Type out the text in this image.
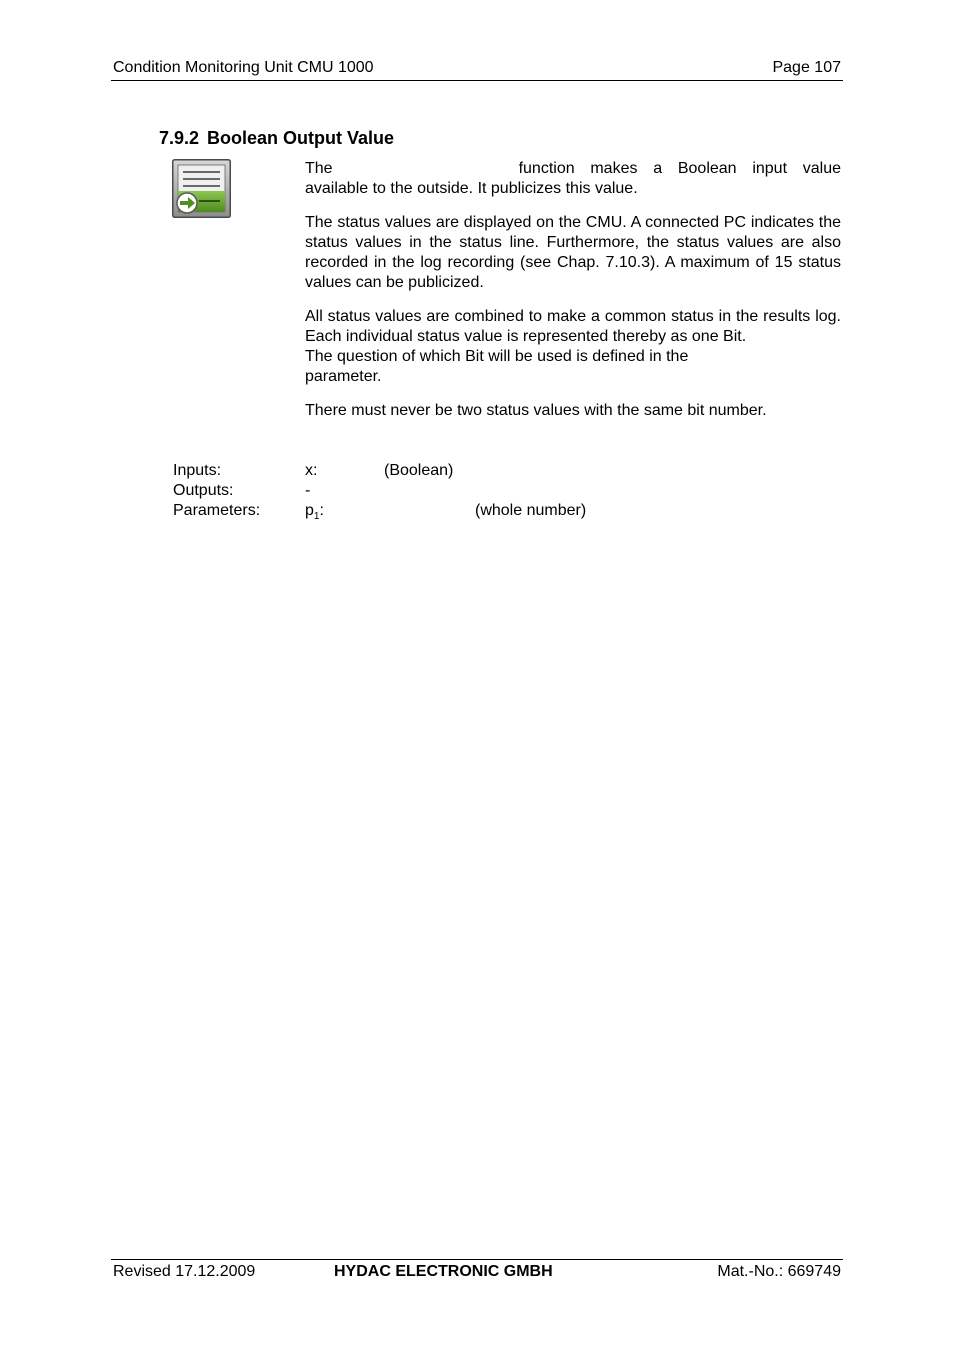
Condition Monitoring Unit CMU 1000	Page 107
7.9.2 Boolean Output Value

The	function makes a Boolean input value available to the outside. It publicizes this value.

The status values are displayed on the CMU. A connected PC indicates the status values in the status line. Furthermore, the status values are also recorded in the log recording (see Chap. 7.10.3). A maximum of 15 status values can be publicized.

All status values are combined to make a common status in the results log. Each individual status value is represented thereby as one Bit.
The question of which Bit will be used is defined in the
parameter.

There must never be two status values with the same bit number.

Inputs:	x:	(Boolean)
Outputs:	-
Parameters:	$p_1$:	(whole number)
Revised 17.12.2009	HYDAC ELECTRONIC GMBH	Mat.-No.: 669749
